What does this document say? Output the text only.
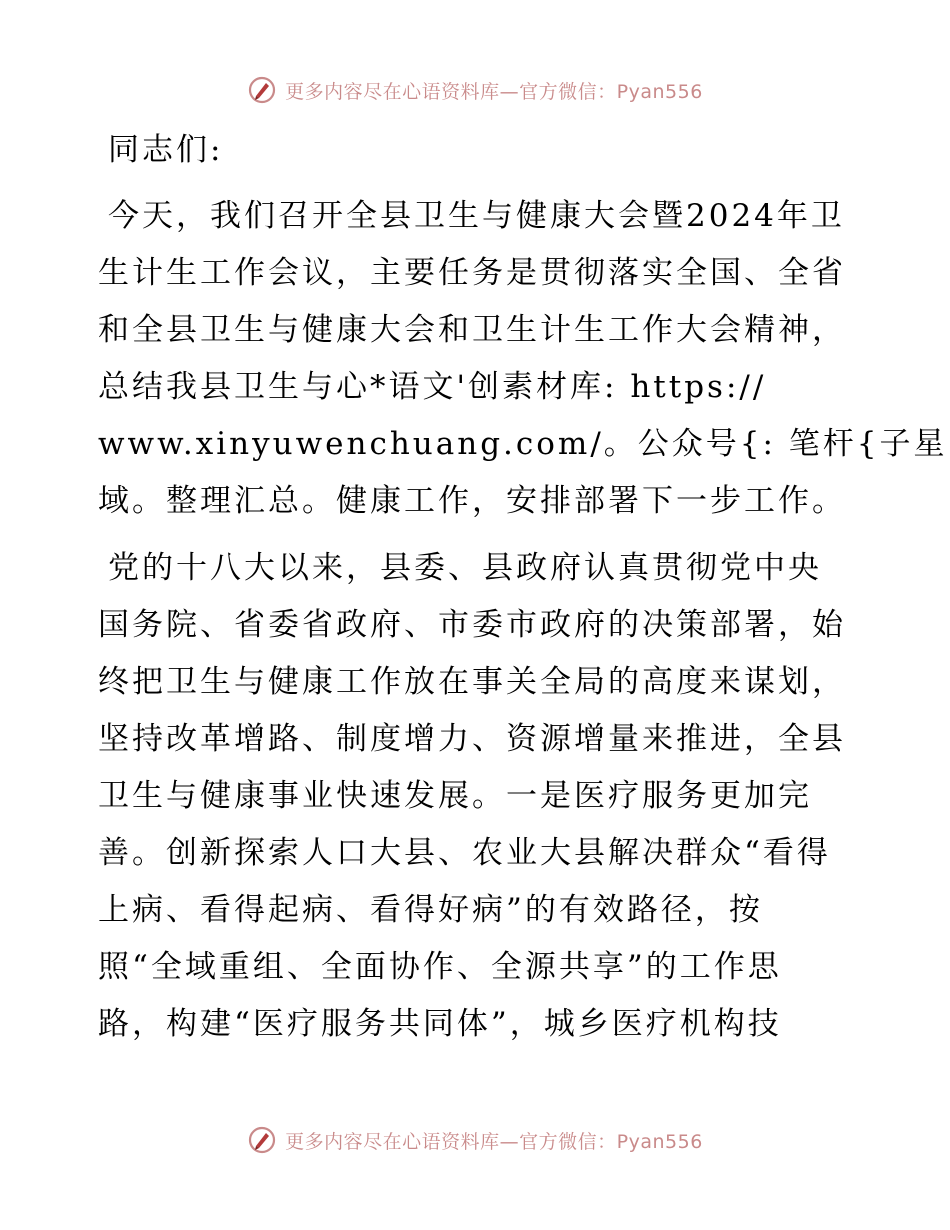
更多内容尽在心语资料库—官方微信：Pyan556
同志们:
今天，我们召开全县卫生与健康大会暨2024年卫
生计生工作会议，主要任务是贯彻落实全国、全省
和全县卫生与健康大会和卫生计生工作大会精神，
总结我县卫生与心*语文'创素材库: https://
www.xinyuwenchuang.com/。公众号{: 笔杆{子星
域。整理汇总。健康工作，安排部署下一步工作。
党的十八大以来，县委、县政府认真贯彻党中央
国务院、省委省政府、市委市政府的决策部署，始
终把卫生与健康工作放在事关全局的高度来谋划，
坚持改革增路、制度增力、资源增量来推进，全县
卫生与健康事业快速发展。一是医疗服务更加完
善。创新探索人口大县、农业大县解决群众“看得
上病、看得起病、看得好病”的有效路径，按
照“全域重组、全面协作、全源共享”的工作思
路，构建“医疗服务共同体”，城乡医疗机构技
更多内容尽在心语资料库—官方微信：Pyan556
